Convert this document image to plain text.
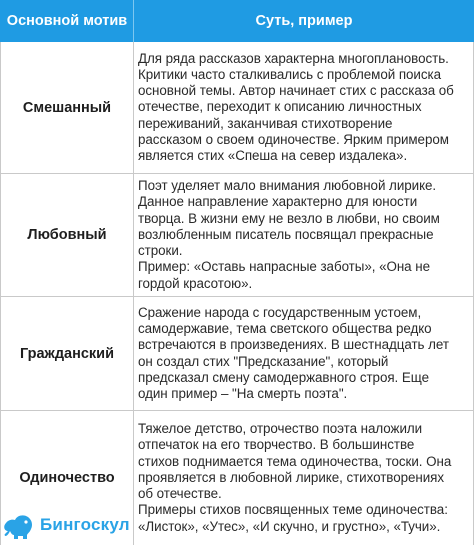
Основной мотив	Суть, пример
Смешанный
Для ряда рассказов характерна многоплановость.
Критики часто сталкивались с проблемой поиска
основной темы. Автор начинает стих с рассказа об
отечестве, переходит к описанию личностных
переживаний, заканчивая стихотворение
рассказом о своем одиночестве. Ярким примером
является стих «Спеша на север издалека».
Любовный
Поэт уделяет мало внимания любовной лирике.
Данное направление характерно для юности
творца. В жизни ему не везло в любви, но своим
возлюбленным писатель посвящал прекрасные
строки.
Пример: «Оставь напрасные заботы», «Она не
гордой красотою».
Гражданский
Сражение народа с государственным устоем,
самодержавие, тема светского общества редко
встречаются в произведениях. В шестнадцать лет
он создал стих "Предсказание", который
предсказал смену самодержавного строя. Еще
один пример – "На смерть поэта".
Одиночество
Тяжелое детство, отрочество поэта наложили
отпечаток на его творчество. В большинстве
стихов поднимается тема одиночества, тоски. Она
проявляется в любовной лирике, стихотворениях
об отечестве.
Примеры стихов посвященных теме одиночества:
«Листок», «Утес», «И скучно, и грустно», «Тучи».
Бингоскул
